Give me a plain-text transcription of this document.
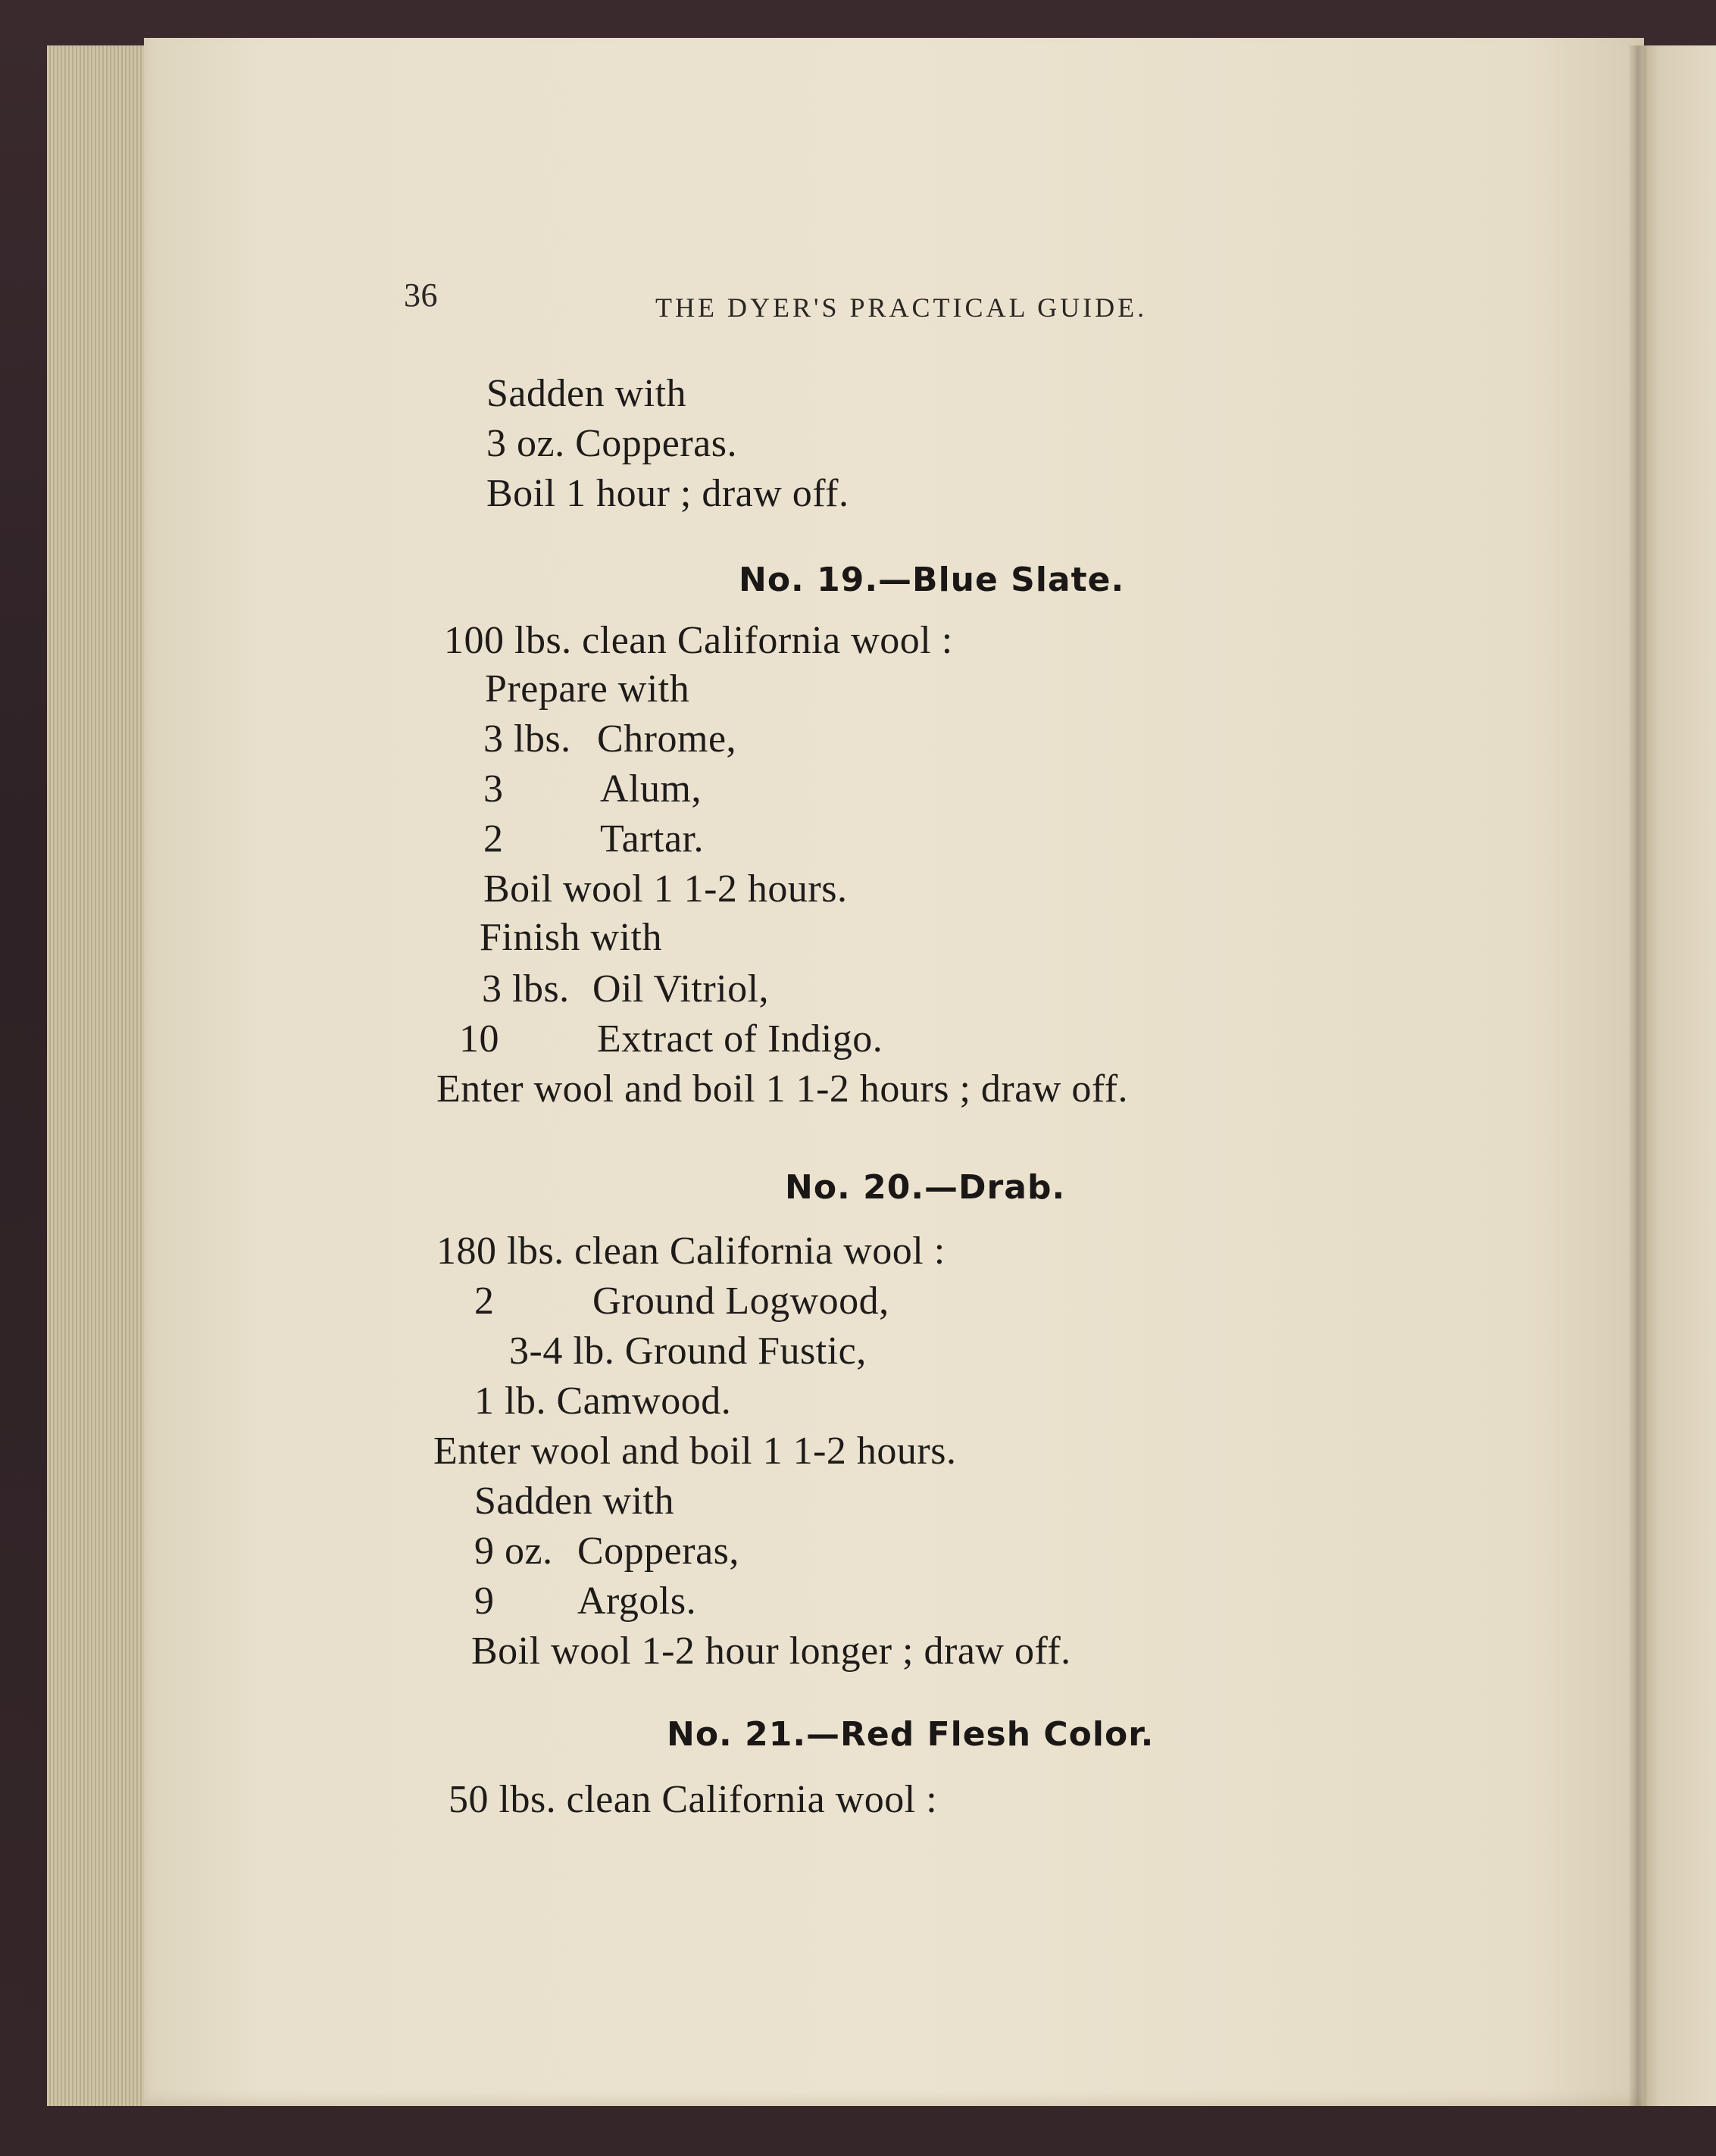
36	THE DYER'S PRACTICAL GUIDE.
Sadden with
3 oz. Copperas.
Boil 1 hour ; draw off.
No. 19.—Blue Slate.
100 lbs. clean California wool :
Prepare with
3 lbs. Chrome,
3 Alum,
2 Tartar.
Boil wool 1 1-2 hours.
Finish with
3 lbs. Oil Vitriol,
10 Extract of Indigo.
Enter wool and boil 1 1-2 hours ; draw off.
No. 20.—Drab.
180 lbs. clean California wool :
2 Ground Logwood,
3-4 lb. Ground Fustic,
1 lb. Camwood.
Enter wool and boil 1 1-2 hours.
Sadden with
9 oz. Copperas,
9 Argols.
Boil wool 1-2 hour longer ; draw off.
No. 21.—Red Flesh Color.
50 lbs. clean California wool :
